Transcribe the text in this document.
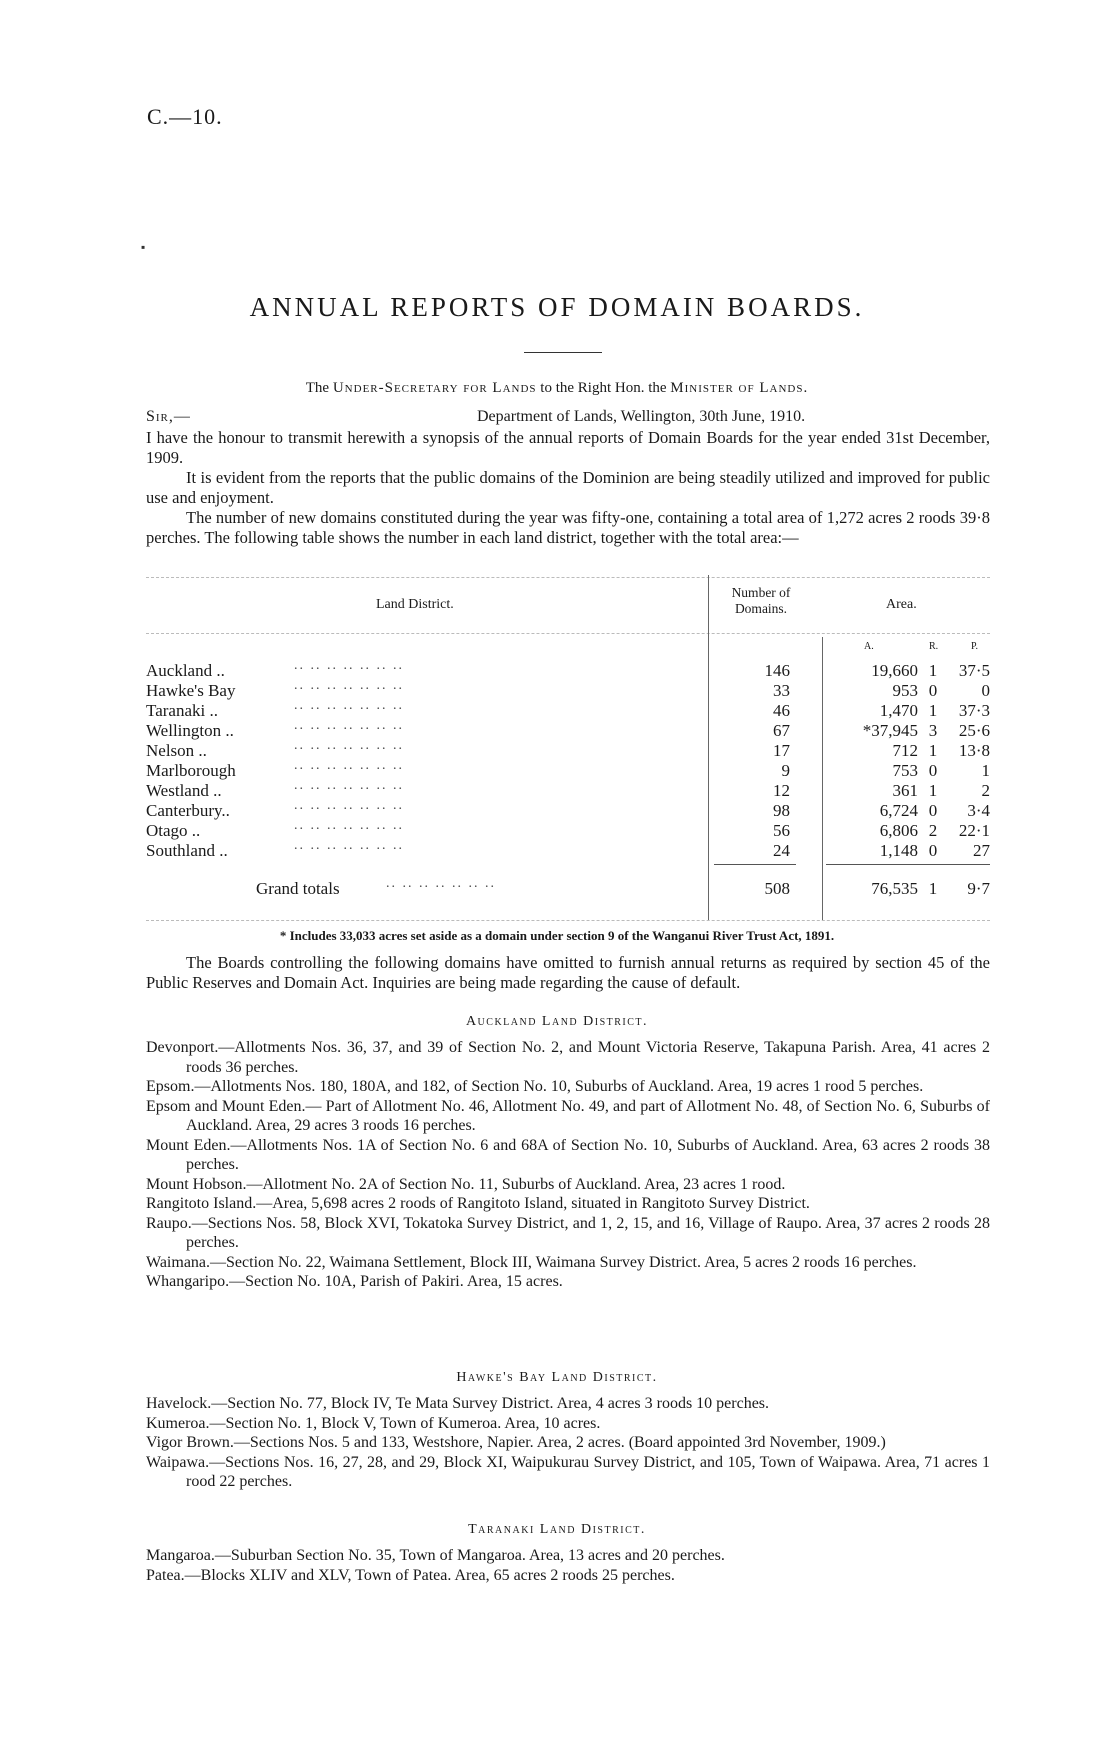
C.—10.
ANNUAL REPORTS OF DOMAIN BOARDS.
The Under-Secretary for Lands to the Right Hon. the Minister of Lands.
Sir,—	Department of Lands, Wellington, 30th June, 1910.

I have the honour to transmit herewith a synopsis of the annual reports of Domain Boards for the year ended 31st December, 1909.

It is evident from the reports that the public domains of the Dominion are being steadily utilized and improved for public use and enjoyment.

The number of new domains constituted during the year was fifty-one, containing a total area of 1,272 acres 2 roods 39·8 perches. The following table shows the number in each land district, together with the total area:—

Land District.
Number of Domains.	Area.
A.	R.	P.
Auckland ..	.. .. .. .. .. .. ..	146	19,660 1	37·5
Hawke's Bay	.. .. .. .. .. .. ..	33	953 0	0
Taranaki ..	.. .. .. .. .. .. ..	46	1,470 1	37·3
Wellington ..	.. .. .. .. .. .. ..	67	*37,945 3	25·6
Nelson ..	.. .. .. .. .. .. ..	17	712 1	13·8
Marlborough	.. .. .. .. .. .. ..	9	753 0	1
Westland ..	.. .. .. .. .. .. ..	12	361 1	2
Canterbury..	.. .. .. .. .. .. ..	98	6,724 0	3·4
Otago ..	.. .. .. .. .. .. ..	56	6,806 2	22·1
Southland ..	.. .. .. .. .. .. ..	24	1,148 0	27
Grand totals	.. .. .. .. .. .. ..	508	76,535 1	9·7
* Includes 33,033 acres set aside as a domain under section 9 of the Wanganui River Trust Act, 1891.

The Boards controlling the following domains have omitted to furnish annual returns as required by section 45 of the Public Reserves and Domain Act. Inquiries are being made regarding the cause of default.

Auckland Land District.

Devonport.—Allotments Nos. 36, 37, and 39 of Section No. 2, and Mount Victoria Reserve, Takapuna Parish. Area, 41 acres 2 roods 36 perches.

Epsom.—Allotments Nos. 180, 180A, and 182, of Section No. 10, Suburbs of Auckland. Area, 19 acres 1 rood 5 perches.

Epsom and Mount Eden.— Part of Allotment No. 46, Allotment No. 49, and part of Allotment No. 48, of Section No. 6, Suburbs of Auckland. Area, 29 acres 3 roods 16 perches.

Mount Eden.—Allotments Nos. 1A of Section No. 6 and 68A of Section No. 10, Suburbs of Auckland. Area, 63 acres 2 roods 38 perches.

Mount Hobson.—Allotment No. 2A of Section No. 11, Suburbs of Auckland. Area, 23 acres 1 rood.

Rangitoto Island.—Area, 5,698 acres 2 roods of Rangitoto Island, situated in Rangitoto Survey District.

Raupo.—Sections Nos. 58, Block XVI, Tokatoka Survey District, and 1, 2, 15, and 16, Village of Raupo. Area, 37 acres 2 roods 28 perches.

Waimana.—Section No. 22, Waimana Settlement, Block III, Waimana Survey District. Area, 5 acres 2 roods 16 perches.

Whangaripo.—Section No. 10A, Parish of Pakiri. Area, 15 acres.

Hawke's Bay Land District.

Havelock.—Section No. 77, Block IV, Te Mata Survey District. Area, 4 acres 3 roods 10 perches.

Kumeroa.—Section No. 1, Block V, Town of Kumeroa. Area, 10 acres.

Vigor Brown.—Sections Nos. 5 and 133, Westshore, Napier. Area, 2 acres. (Board appointed 3rd November, 1909.)

Waipawa.—Sections Nos. 16, 27, 28, and 29, Block XI, Waipukurau Survey District, and 105, Town of Waipawa. Area, 71 acres 1 rood 22 perches.

Taranaki Land District.

Mangaroa.—Suburban Section No. 35, Town of Mangaroa. Area, 13 acres and 20 perches.

Patea.—Blocks XLIV and XLV, Town of Patea. Area, 65 acres 2 roods 25 perches.

▪
